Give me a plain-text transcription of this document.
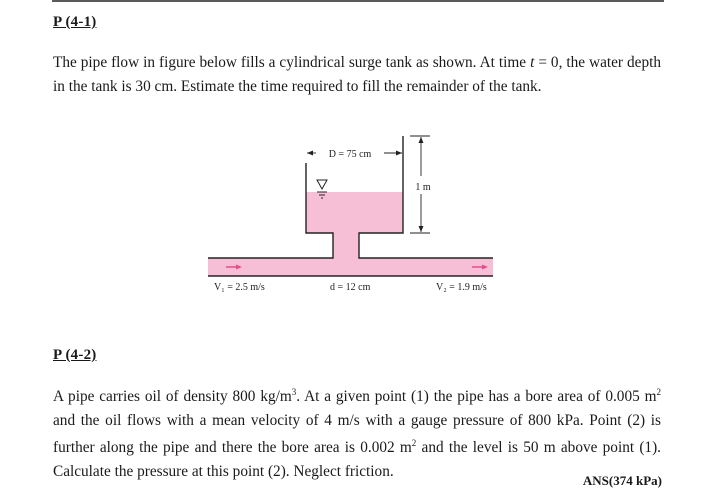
P (4-1)

The pipe flow in figure below fills a cylindrical surge tank as shown. At time t = 0, the water depth in the tank is 30 cm. Estimate the time required to fill the remainder of the tank.

D = 75 cm
1 m
V₁ = 2.5 m/s	d = 12 cm	V₂ = 1.9 m/s
P (4-2)

A pipe carries oil of density 800 $kg/m^3$. At a given point (1) the pipe has a bore area of 0.005 $m^2$ and the oil flows with a mean velocity of 4 m/s with a gauge pressure of 800 kPa. Point (2) is further along the pipe and there the bore area is 0.002 $m^2$ and the level is 50 m above point (1). Calculate the pressure at this point (2). Neglect friction.

ANS(374 kPa)
